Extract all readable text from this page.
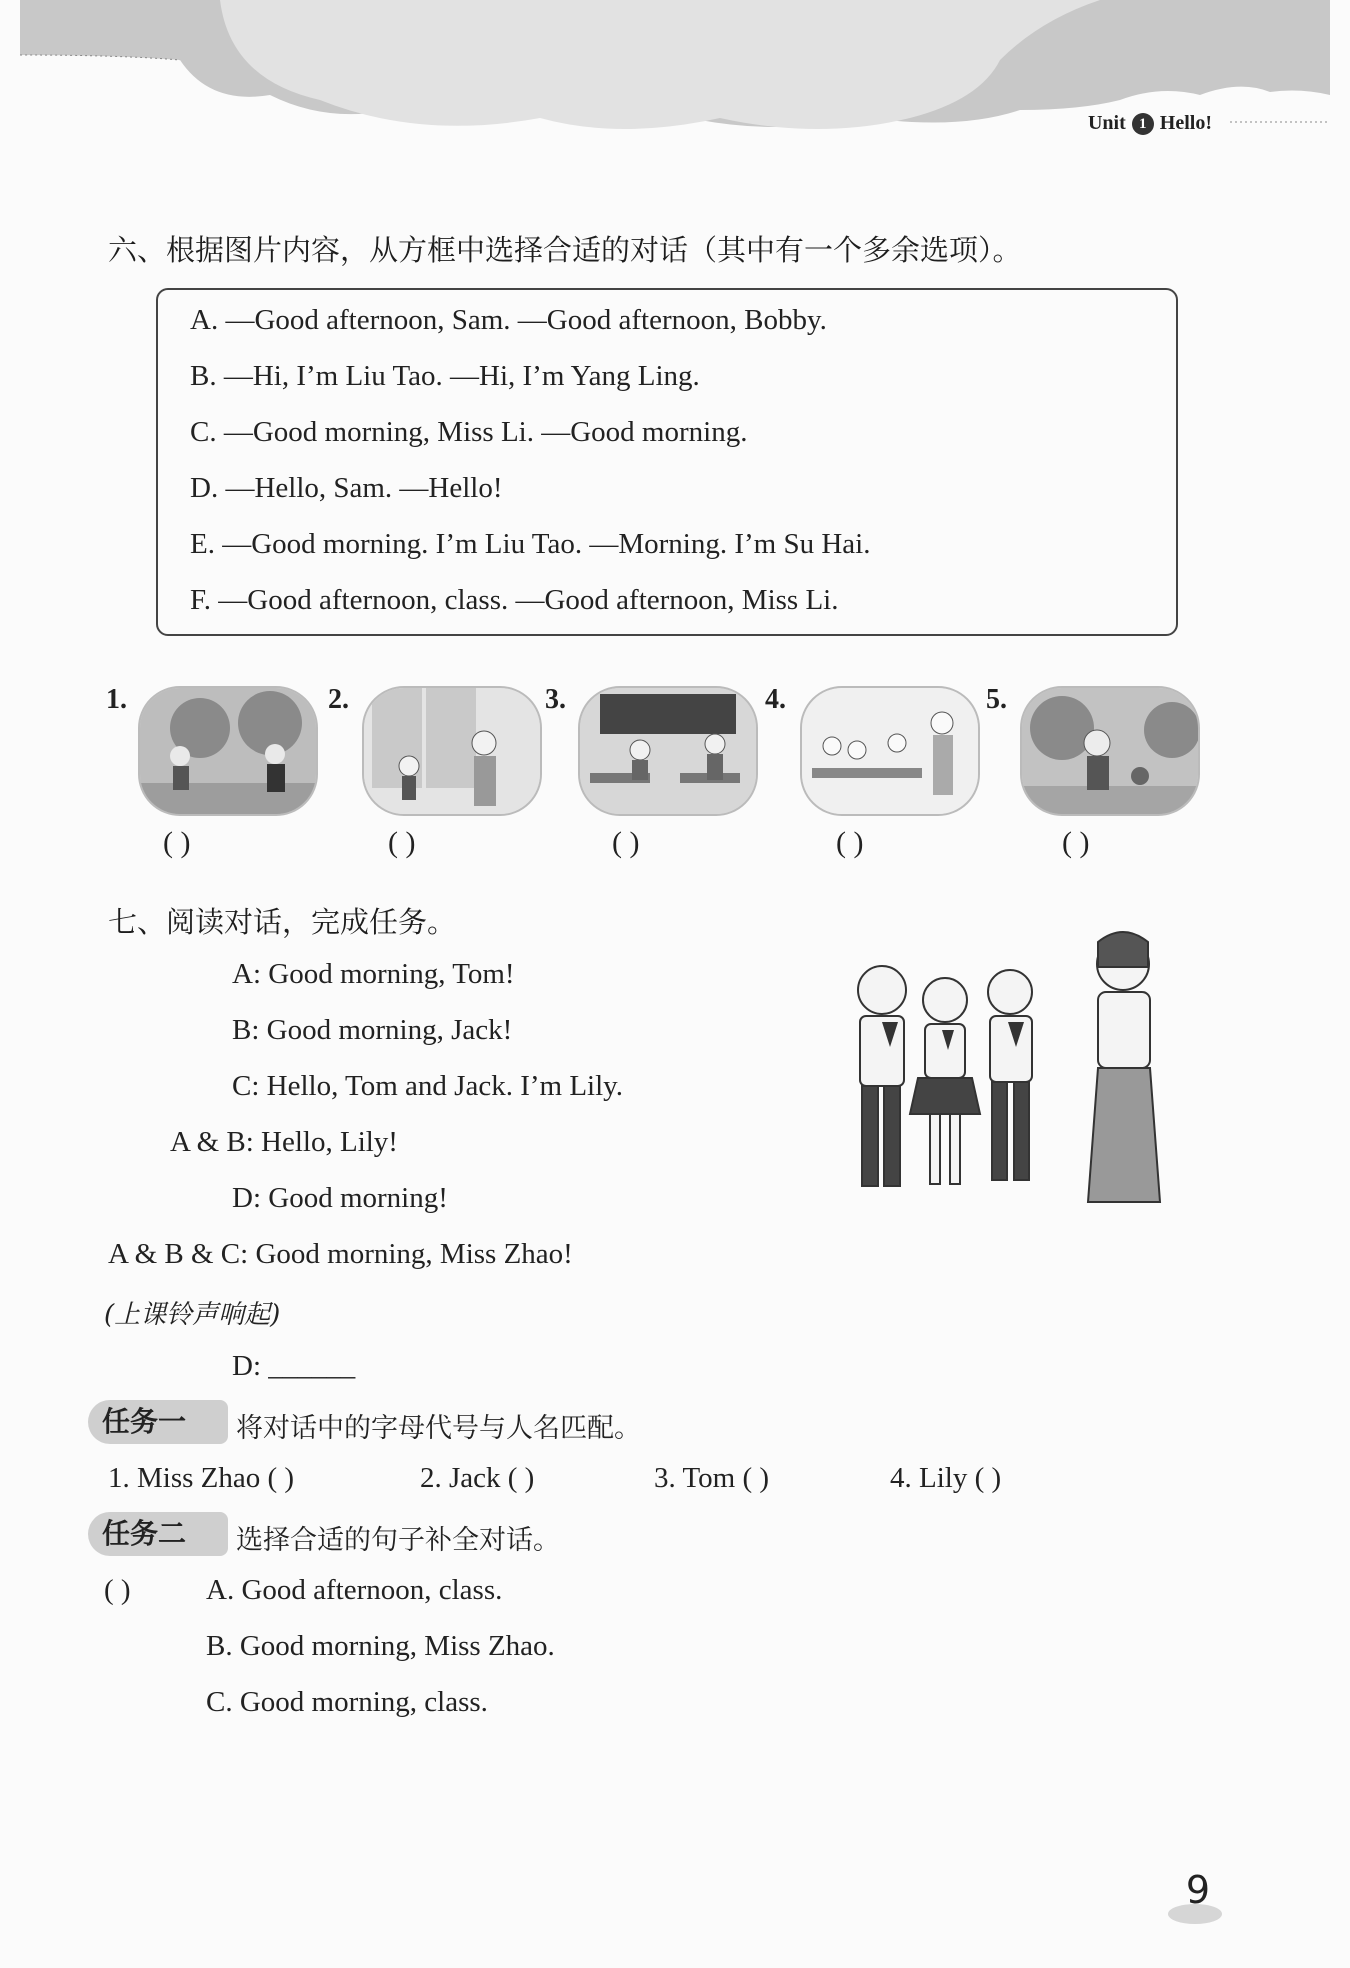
Unit 1 Hello!
六、根据图片内容，从方框中选择合适的对话（其中有一个多余选项）。
A. —Good afternoon, Sam. —Good afternoon, Bobby.
B. —Hi, I’m Liu Tao. —Hi, I’m Yang Ling.
C. —Good morning, Miss Li. —Good morning.
D. —Hello, Sam. —Hello!
E. —Good morning. I’m Liu Tao. —Morning. I’m Su Hai.
F. —Good afternoon, class. —Good afternoon, Miss Li.
1.	2.	3.	4.	5.
( )	( )	( )	( )	( )
七、阅读对话，完成任务。
A: Good morning, Tom!
B: Good morning, Jack!
C: Hello, Tom and Jack. I’m Lily.
A & B: Hello, Lily!
D: Good morning!
A & B & C: Good morning, Miss Zhao!
(上课铃声响起)
D: ______
任务一	将对话中的字母代号与人名匹配。
1. Miss Zhao ( )	2. Jack ( )	3. Tom ( )	4. Lily ( )
任务二	选择合适的句子补全对话。
( )	A. Good afternoon, class.
B. Good morning, Miss Zhao.
C. Good morning, class.
9
